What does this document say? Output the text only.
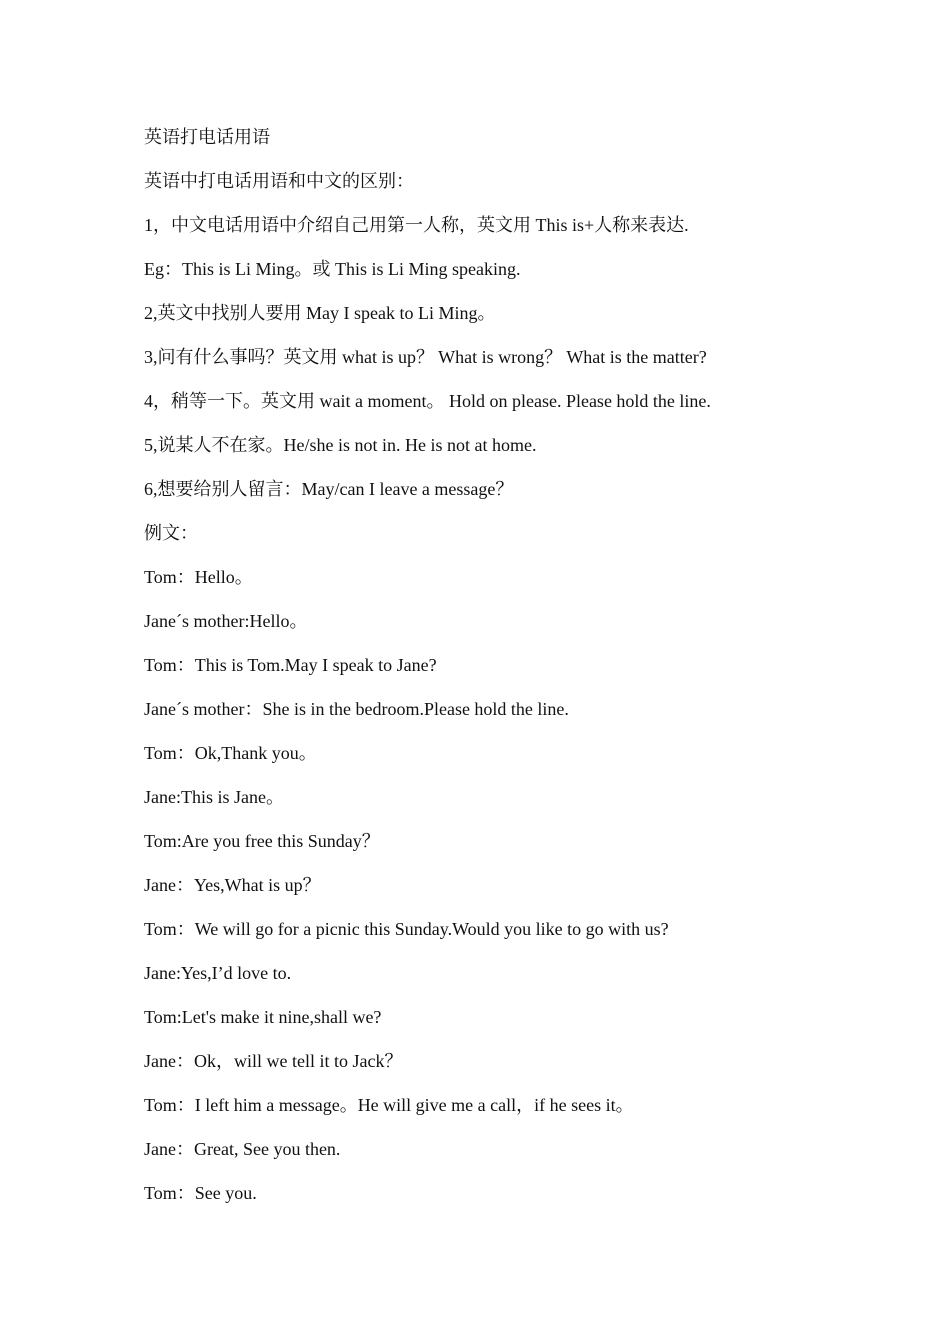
英语打电话用语
英语中打电话用语和中文的区别：
1，中文电话用语中介绍自己用第一人称，英文用 This is+人称来表达.
Eg：This is Li Ming。或 This is Li Ming speaking.
2,英文中找别人要用 May I speak to Li Ming。
3,问有什么事吗？英文用 what is up？ What is wrong？ What is the matter?
4，稍等一下。英文用 wait a moment。 Hold on please. Please hold the line.
5,说某人不在家。He/she is not in. He is not at home.
6,想要给别人留言：May/can I leave a message？
例文：
Tom：Hello。
Jane´s mother:Hello。
Tom：This is Tom.May I speak to Jane?
Jane´s mother：She is in the bedroom.Please hold the line.
Tom：Ok,Thank you。
Jane:This is Jane。
Tom:Are you free this Sunday？
Jane：Yes,What is up？
Tom：We will go for a picnic this Sunday.Would you like to go with us?
Jane:Yes,I’d love to.
Tom:Let's make it nine,shall we?
Jane：Ok，will we tell it to Jack？
Tom：I left him a message。He will give me a call，if he sees it。
Jane：Great, See you then.
Tom：See you.
